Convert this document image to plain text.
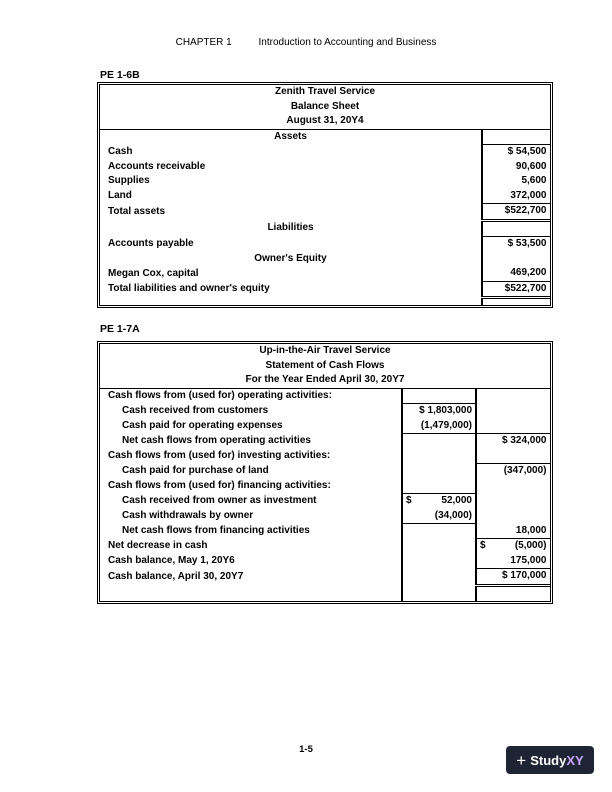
CHAPTER 1	Introduction to Accounting and Business
PE 1-6B
Zenith Travel Service	
Balance Sheet	
August 31, 20Y4	
Assets	
Cash	$ 54,500
Accounts receivable	90,600
Supplies	5,600
Land	372,000
Total assets	$522,700
Liabilities	
Accounts payable	$ 53,500
Owner's Equity	
Megan Cox, capital	469,200
Total liabilities and owner's equity	$522,700

PE 1-7A
Up-in-the-Air Travel Service		
Statement of Cash Flows		
For the Year Ended April 30, 20Y7		
Cash flows from (used for) operating activities:		
Cash received from customers	$ 1,803,000	
Cash paid for operating expenses	(1,479,000)	
Net cash flows from operating activities		$ 324,000
Cash flows from (used for) investing activities:		
Cash paid for purchase of land		(347,000)
Cash flows from (used for) financing activities:		
Cash received from owner as investment	$ 52,000	

Cash withdrawals by owner	(34,000)	
Net cash flows from financing activities		18,000
Net decrease in cash		$ (5,000)

Cash balance, May 1, 20Y6		175,000
Cash balance, April 30, 20Y7		$ 170,000

1-5
+ Study XY
